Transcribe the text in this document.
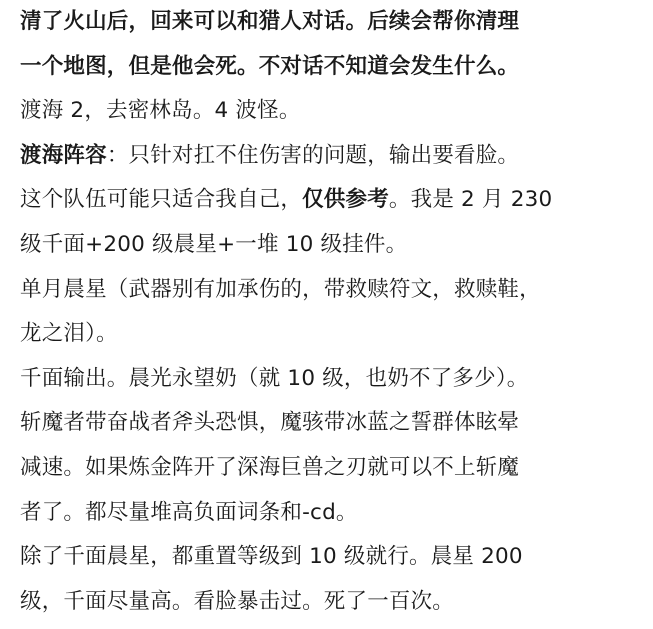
清了火山后，回来可以和猎人对话。后续会帮你清理
一个地图，但是他会死。不对话不知道会发生什么。
渡海 2，去密林岛。4 波怪。
渡海阵容：只针对扛不住伤害的问题，输出要看脸。
这个队伍可能只适合我自己，仅供参考。我是 2 月 230
级千面+200 级晨星+一堆 10 级挂件。
单月晨星（武器别有加承伤的，带救赎符文，救赎鞋，
龙之泪）。
千面输出。晨光永望奶（就 10 级，也奶不了多少）。
斩魔者带奋战者斧头恐惧，魔骇带冰蓝之誓群体眩晕
减速。如果炼金阵开了深海巨兽之刃就可以不上斩魔
者了。都尽量堆高负面词条和-cd。
除了千面晨星，都重置等级到 10 级就行。晨星 200
级，千面尽量高。看脸暴击过。死了一百次。
